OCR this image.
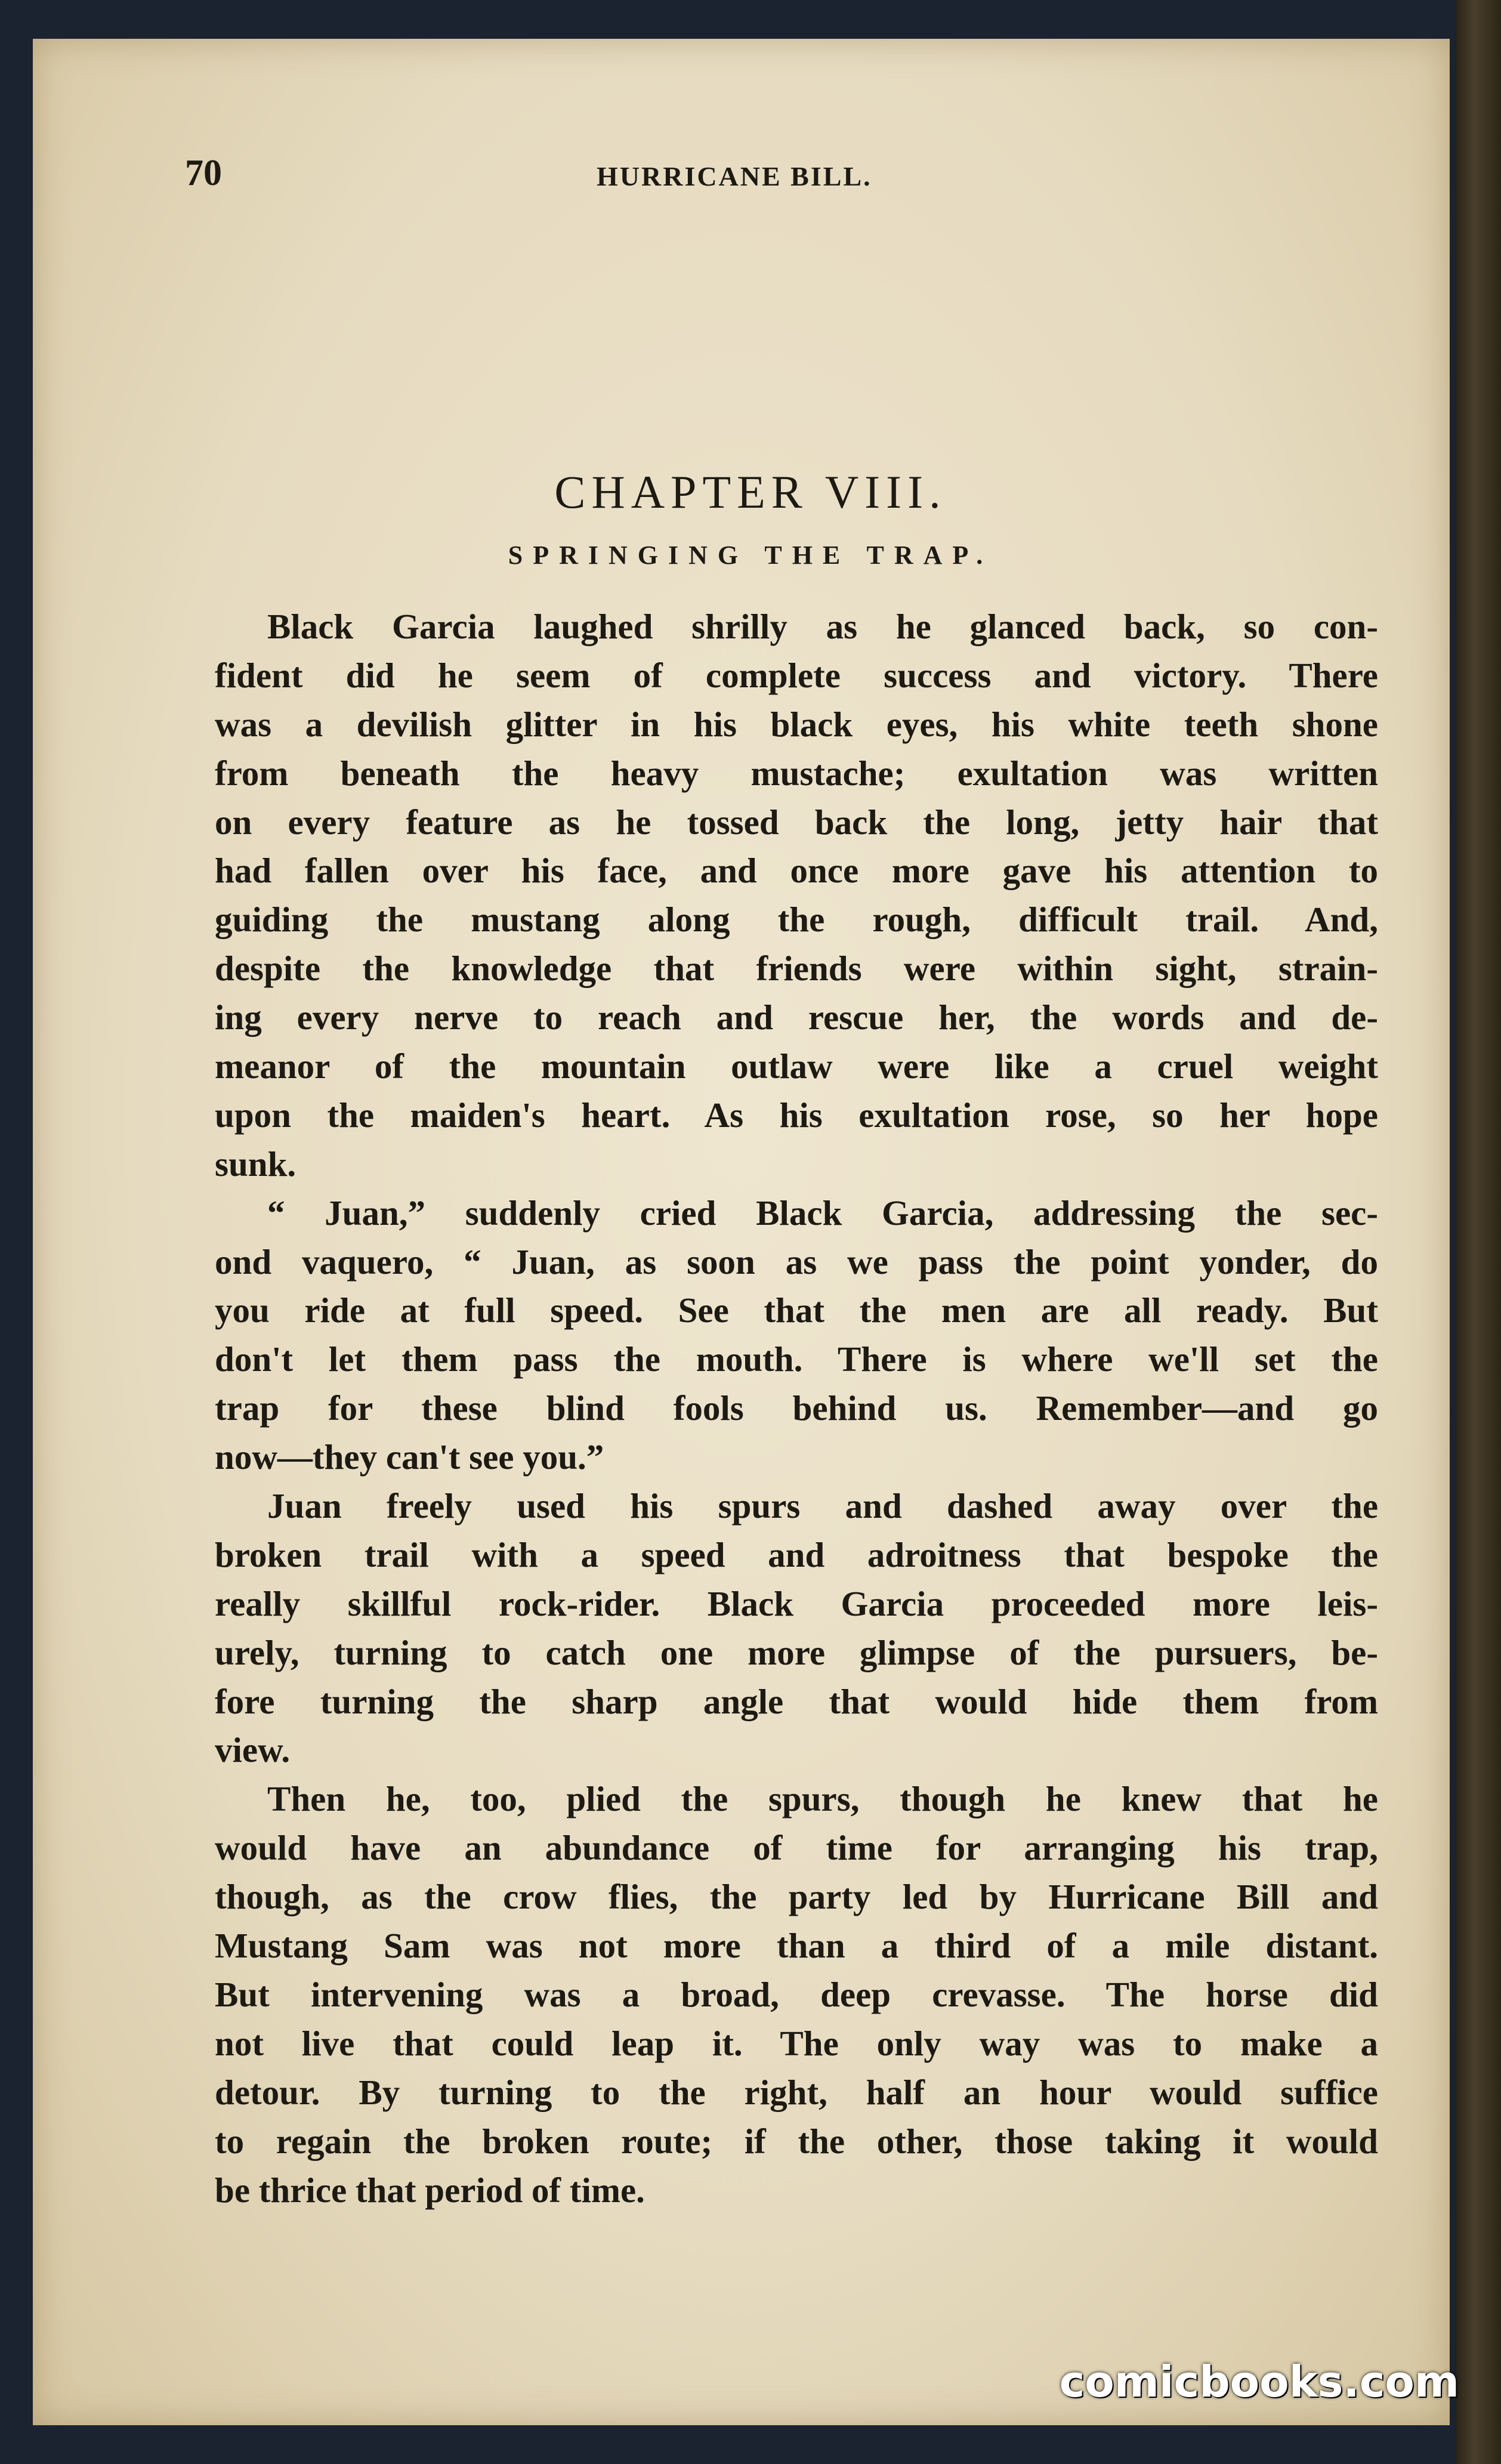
70	HURRICANE BILL.
CHAPTER VIII.
SPRINGING THE TRAP.
Black Garcia laughed shrilly as he glanced back, so con-
fident did he seem of complete success and victory. There
was a devilish glitter in his black eyes, his white teeth shone
from beneath the heavy mustache; exultation was written
on every feature as he tossed back the long, jetty hair that
had fallen over his face, and once more gave his attention to
guiding the mustang along the rough, difficult trail. And,
despite the knowledge that friends were within sight, strain-
ing every nerve to reach and rescue her, the words and de-
meanor of the mountain outlaw were like a cruel weight
upon the maiden's heart. As his exultation rose, so her hope
sunk.
“ Juan,” suddenly cried Black Garcia, addressing the sec-
ond vaquero, “ Juan, as soon as we pass the point yonder, do
you ride at full speed. See that the men are all ready. But
don't let them pass the mouth. There is where we'll set the
trap for these blind fools behind us. Remember—and go
now—they can't see you.”
Juan freely used his spurs and dashed away over the
broken trail with a speed and adroitness that bespoke the
really skillful rock-rider. Black Garcia proceeded more leis-
urely, turning to catch one more glimpse of the pursuers, be-
fore turning the sharp angle that would hide them from
view.
Then he, too, plied the spurs, though he knew that he
would have an abundance of time for arranging his trap,
though, as the crow flies, the party led by Hurricane Bill and
Mustang Sam was not more than a third of a mile distant.
But intervening was a broad, deep crevasse. The horse did
not live that could leap it. The only way was to make a
detour. By turning to the right, half an hour would suffice
to regain the broken route; if the other, those taking it would
be thrice that period of time.
comicbooks.com
